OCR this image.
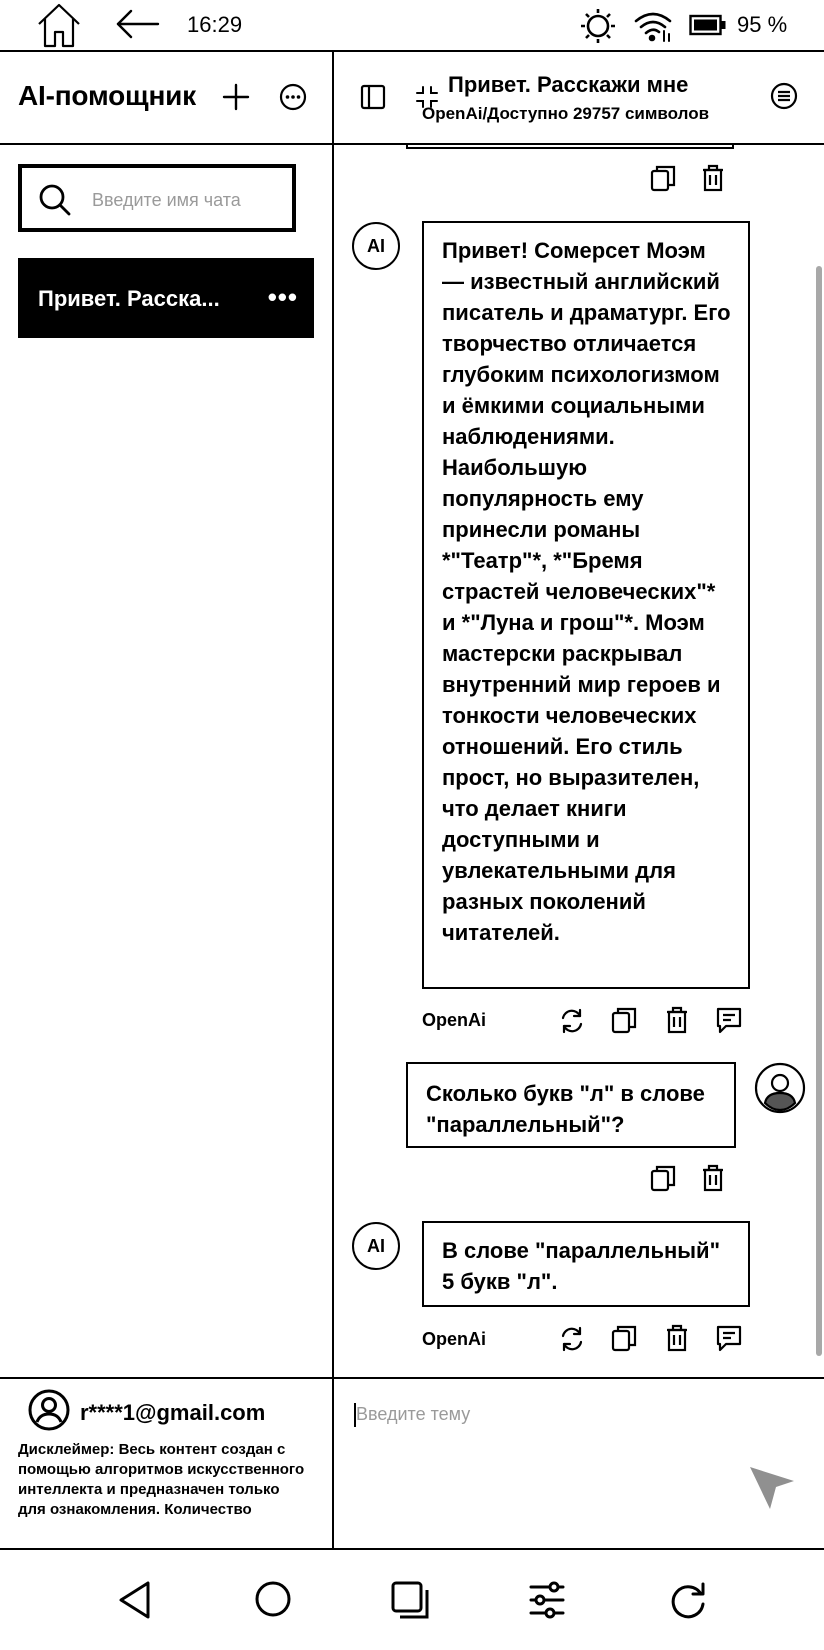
16:29	95 %
AI-помощник
Введите имя чата
Привет. Расска... •••
Привет. Расскажи мне
OpenAi/Доступно 29757 символов
AI	Привет! Сомерсет Моэм — известный английский писатель и драматург. Его творчество отличается глубоким психологизмом и ёмкими социальными наблюдениями. Наибольшую популярность ему принесли романы *"Театр"*, *"Бремя страстей человеческих"* и *"Луна и грош"*. Моэм мастерски раскрывал внутренний мир героев и тонкости человеческих отношений. Его стиль прост, но выразителен, что делает книги доступными и увлекательными для разных поколений читателей.
OpenAi
Сколько букв "л" в слове "параллельный"?
AI	В слове "параллельный" 5 букв "л".
OpenAi
r****1@gmail.com
Дисклеймер: Весь контент создан с помощью алгоритмов искусственного интеллекта и предназначен только для ознакомления. Количество
Введите тему
